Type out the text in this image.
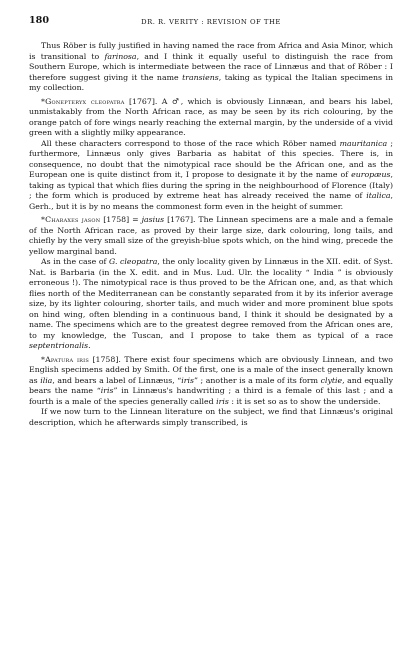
180	DR. R. VERITY : REVISION OF THE

Thus Röber is fully justified in having named the race from Africa and Asia Minor, which is transitional to farinosa, and I think it equally useful to distinguish the race from Southern Europe, which is intermediate between the race of Linnæus and that of Röber : I therefore suggest giving it the name transiens, taking as typical the Italian specimens in my collection.

*Gonepteryx cleopatra [1767]. A ♂, which is obviously Linnæan, and bears his label, unmistakably from the North African race, as may be seen by its rich colouring, by the orange patch of fore wings nearly reaching the external margin, by the underside of a vivid green with a slightly milky appearance.

All these characters correspond to those of the race which Röber named mauritanica ; furthermore, Linnæus only gives Barbaria as habitat of this species. There is, in consequence, no doubt that the nimotypical race should be the African one, and as the European one is quite distinct from it, I propose to designate it by the name of europæus, taking as typical that which flies during the spring in the neighbourhood of Florence (Italy) ; the form which is produced by extreme heat has already received the name of italica, Gerh., but it is by no means the commonest form even in the height of summer.

*Charaxes jason [1758] = jasius [1767]. The Linnean specimens are a male and a female of the North African race, as proved by their large size, dark colouring, long tails, and chiefly by the very small size of the greyish-blue spots which, on the hind wing, precede the yellow marginal band.

As in the case of G. cleopatra, the only locality given by Linnæus in the XII. edit. of Syst. Nat. is Barbaria (in the X. edit. and in Mus. Lud. Ulr. the locality “ India ” is obviously erroneous !). The nimotypical race is thus proved to be the African one, and, as that which flies north of the Mediterranean can be constantly separated from it by its inferior average size, by its lighter colouring, shorter tails, and much wider and more prominent blue spots on hind wing, often blending in a continuous band, I think it should be designated by a name. The specimens which are to the greatest degree removed from the African ones are, to my knowledge, the Tuscan, and I propose to take them as typical of a race septentrionalis.

*Apatura iris [1758]. There exist four specimens which are obviously Linnean, and two English specimens added by Smith. Of the first, one is a male of the insect generally known as ilia, and bears a label of Linnæus, “iris” ; another is a male of its form clytie, and equally bears the name “iris” in Linnæus's handwriting ; a third is a female of this last ; and a fourth is a male of the species generally called iris : it is set so as to show the underside.

If we now turn to the Linnean literature on the subject, we find that Linnæus's original description, which he afterwards simply transcribed, is
